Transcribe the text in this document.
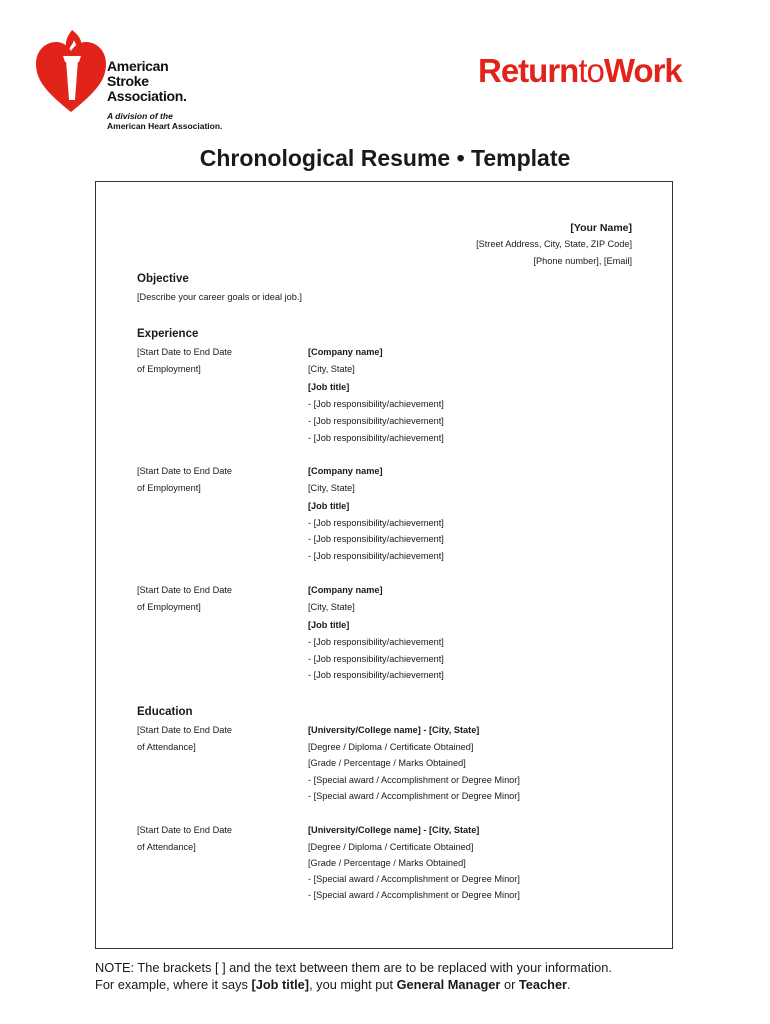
American
Stroke
Association.
A division of the
American Heart Association.
ReturntoWork
Chronological Resume • Template
[Your Name]
[Street Address, City, State, ZIP Code]
[Phone number], [Email]
Objective
[Describe your career goals or ideal job.]
Experience
[Start Date to End Date
of Employment]
[Company name]
[City, State]
[Job title]
- [Job responsibility/achievement]
- [Job responsibility/achievement]
- [Job responsibility/achievement]
[Start Date to End Date
of Employment]
[Company name]
[City, State]
[Job title]
- [Job responsibility/achievement]
- [Job responsibility/achievement]
- [Job responsibility/achievement]
[Start Date to End Date
of Employment]
[Company name]
[City, State]
[Job title]
- [Job responsibility/achievement]
- [Job responsibility/achievement]
- [Job responsibility/achievement]
Education
[Start Date to End Date
of Attendance]
[University/College name] - [City, State]
[Degree / Diploma / Certificate Obtained]
[Grade / Percentage / Marks Obtained]
- [Special award / Accomplishment or Degree Minor]
- [Special award / Accomplishment or Degree Minor]
[Start Date to End Date
of Attendance]
[University/College name] - [City, State]
[Degree / Diploma / Certificate Obtained]
[Grade / Percentage / Marks Obtained]
- [Special award / Accomplishment or Degree Minor]
- [Special award / Accomplishment or Degree Minor]
NOTE: The brackets [ ] and the text between them are to be replaced with your information.
For example, where it says [Job title], you might put General Manager or Teacher.
